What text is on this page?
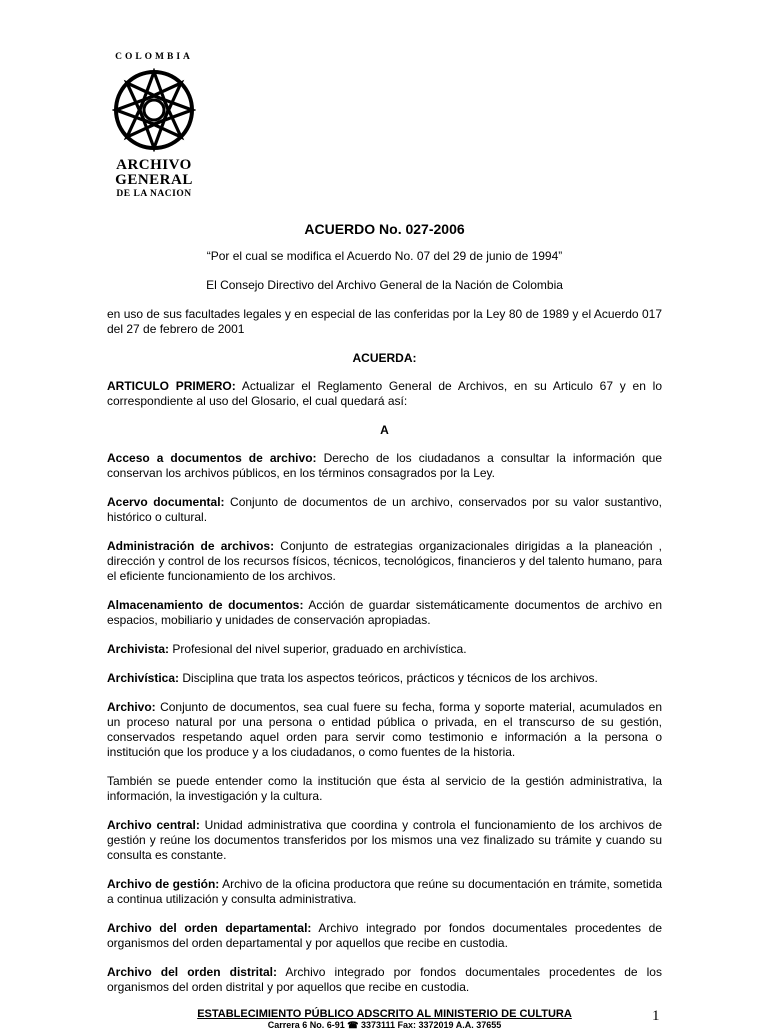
COLOMBIA
ARCHIVO
GENERAL
DE LA NACION
ACUERDO No. 027-2006
“Por el cual se modifica el Acuerdo No. 07 del 29 de junio de 1994”
El Consejo Directivo del Archivo General de la Nación de Colombia
en uso de sus facultades legales y en especial de las conferidas por la Ley 80 de 1989 y el Acuerdo 017 del 27 de febrero de 2001
ACUERDA:
ARTICULO PRIMERO: Actualizar el Reglamento General de Archivos, en su Articulo 67 y en lo correspondiente al uso del Glosario, el cual quedará así:
A
Acceso a documentos de archivo: Derecho de los ciudadanos a consultar la información que conservan los archivos públicos, en los términos consagrados por la Ley.
Acervo documental: Conjunto de documentos de un archivo, conservados por su valor sustantivo, histórico o cultural.
Administración de archivos: Conjunto de estrategias organizacionales dirigidas a la planeación , dirección y control de los recursos físicos, técnicos, tecnológicos, financieros y del talento humano, para el eficiente funcionamiento de los archivos.
Almacenamiento de documentos: Acción de guardar sistemáticamente documentos de archivo en espacios, mobiliario y unidades de conservación apropiadas.
Archivista: Profesional del nivel superior, graduado en archivística.
Archivística: Disciplina que trata los aspectos teóricos, prácticos y técnicos de los archivos.
Archivo: Conjunto de documentos, sea cual fuere su fecha, forma y soporte material, acumulados en un proceso natural por una persona o entidad pública o privada, en el transcurso de su gestión, conservados respetando aquel orden para servir como testimonio e información a la persona o institución que los produce y a los ciudadanos, o como fuentes de la historia.
También se puede entender como la institución que ésta al servicio de la gestión administrativa, la información, la investigación y la cultura.
Archivo central: Unidad administrativa que coordina y controla el funcionamiento de los archivos de gestión y reúne los documentos transferidos por los mismos una vez finalizado su trámite y cuando su consulta es constante.
Archivo de gestión: Archivo de la oficina productora que reúne su documentación en trámite, sometida a continua utilización y consulta administrativa.
Archivo del orden departamental: Archivo integrado por fondos documentales procedentes de organismos del orden departamental y por aquellos que recibe en custodia.
Archivo del orden distrital: Archivo integrado por fondos documentales procedentes de los organismos del orden distrital y por aquellos que recibe en custodia.
ESTABLECIMIENTO PÚBLICO ADSCRITO AL MINISTERIO DE CULTURA
Carrera 6 No. 6-91 ☎ 3373111 Fax: 3372019 A.A. 37655
1
